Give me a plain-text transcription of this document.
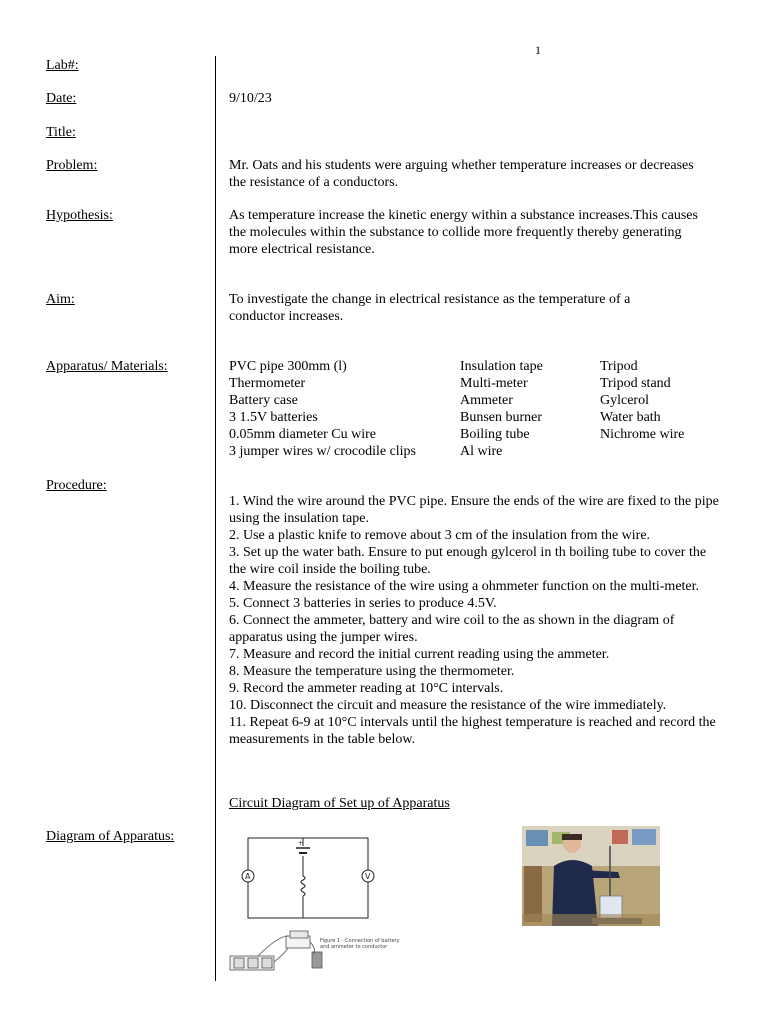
1
Lab#:
Date:
Title:
Problem:
Hypothesis:
Aim:
Apparatus/ Materials:
Procedure:
Diagram of Apparatus:
9/10/23
Mr. Oats and his students were arguing whether temperature increases or decreases the resistance of a conductors.
As temperature increase the kinetic energy within a substance increases.This causes the molecules within the substance to collide more frequently thereby generating more electrical resistance.
To investigate the change in electrical resistance as the temperature of a conductor increases.
PVC pipe 300mm (l)
Thermometer
Battery case
3 1.5V batteries
0.05mm diameter Cu wire
3 jumper wires w/ crocodile clips
Insulation tape
Multi-meter
Ammeter
Bunsen burner
Boiling tube
Al wire
Tripod
Tripod stand
Gylcerol
Water bath
Nichrome wire
1. Wind the wire around the PVC pipe. Ensure the ends of the wire are fixed to the pipe using the insulation tape.
2. Use a plastic knife to remove about 3 cm of the insulation from the wire.
3. Set up the water bath. Ensure to put enough gylcerol in th boiling tube to cover the the wire coil inside the boiling tube.
4. Measure the resistance of the wire using a ohmmeter function on the multi-meter.
5. Connect 3 batteries in series to produce 4.5V.
6. Connect the ammeter, battery and wire coil to the as shown in the diagram of apparatus using the jumper wires.
7. Measure and record the initial current reading using the ammeter.
8. Measure the temperature using the thermometer.
9. Record the ammeter reading at 10°C intervals.
10. Disconnect the circuit and measure the resistance of the wire immediately.
11. Repeat 6-9 at 10°C intervals until the highest temperature is reached and record the measurements in the table below.
Circuit Diagram of Set up of Apparatus
+
A	V
Figure 1 - Connection of battery
and ammeter to conductor
